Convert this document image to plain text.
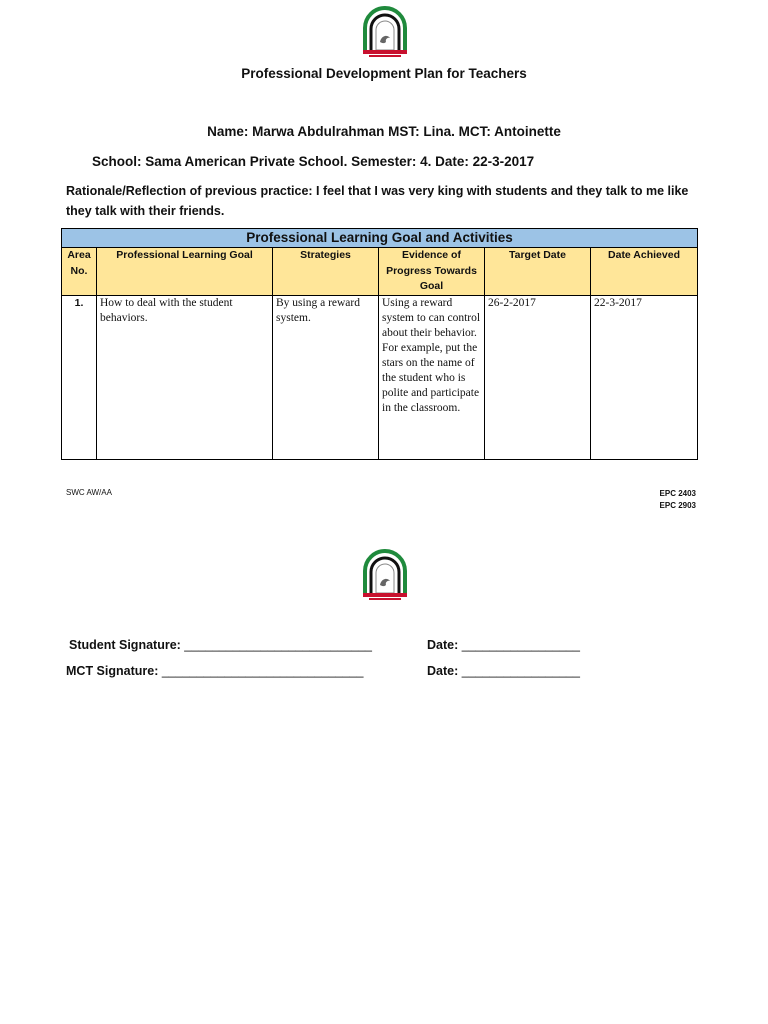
Professional Development Plan for Teachers
Name: Marwa Abdulrahman MST: Lina. MCT: Antoinette
School: Sama American Private School. Semester: 4. Date: 22-3-2017
Rationale/Reflection of previous practice: I feel that I was very king with students and they talk to me like they talk with their friends.
Professional Learning Goal and Activities					
Area No.	Professional Learning Goal	Strategies	Evidence of Progress Towards Goal	Target Date	Date Achieved
1.	How to deal with the student behaviors.	By using a reward system.	Using a reward system to can control about their behavior. For example, put the stars on the name of the student who is polite and participate in the classroom.	26-2-2017	22-3-2017
SWC AW/AA	EPC 2403
EPC 2903
Student Signature: ___________________________	Date: _________________
MCT Signature: _____________________________	Date: _________________
